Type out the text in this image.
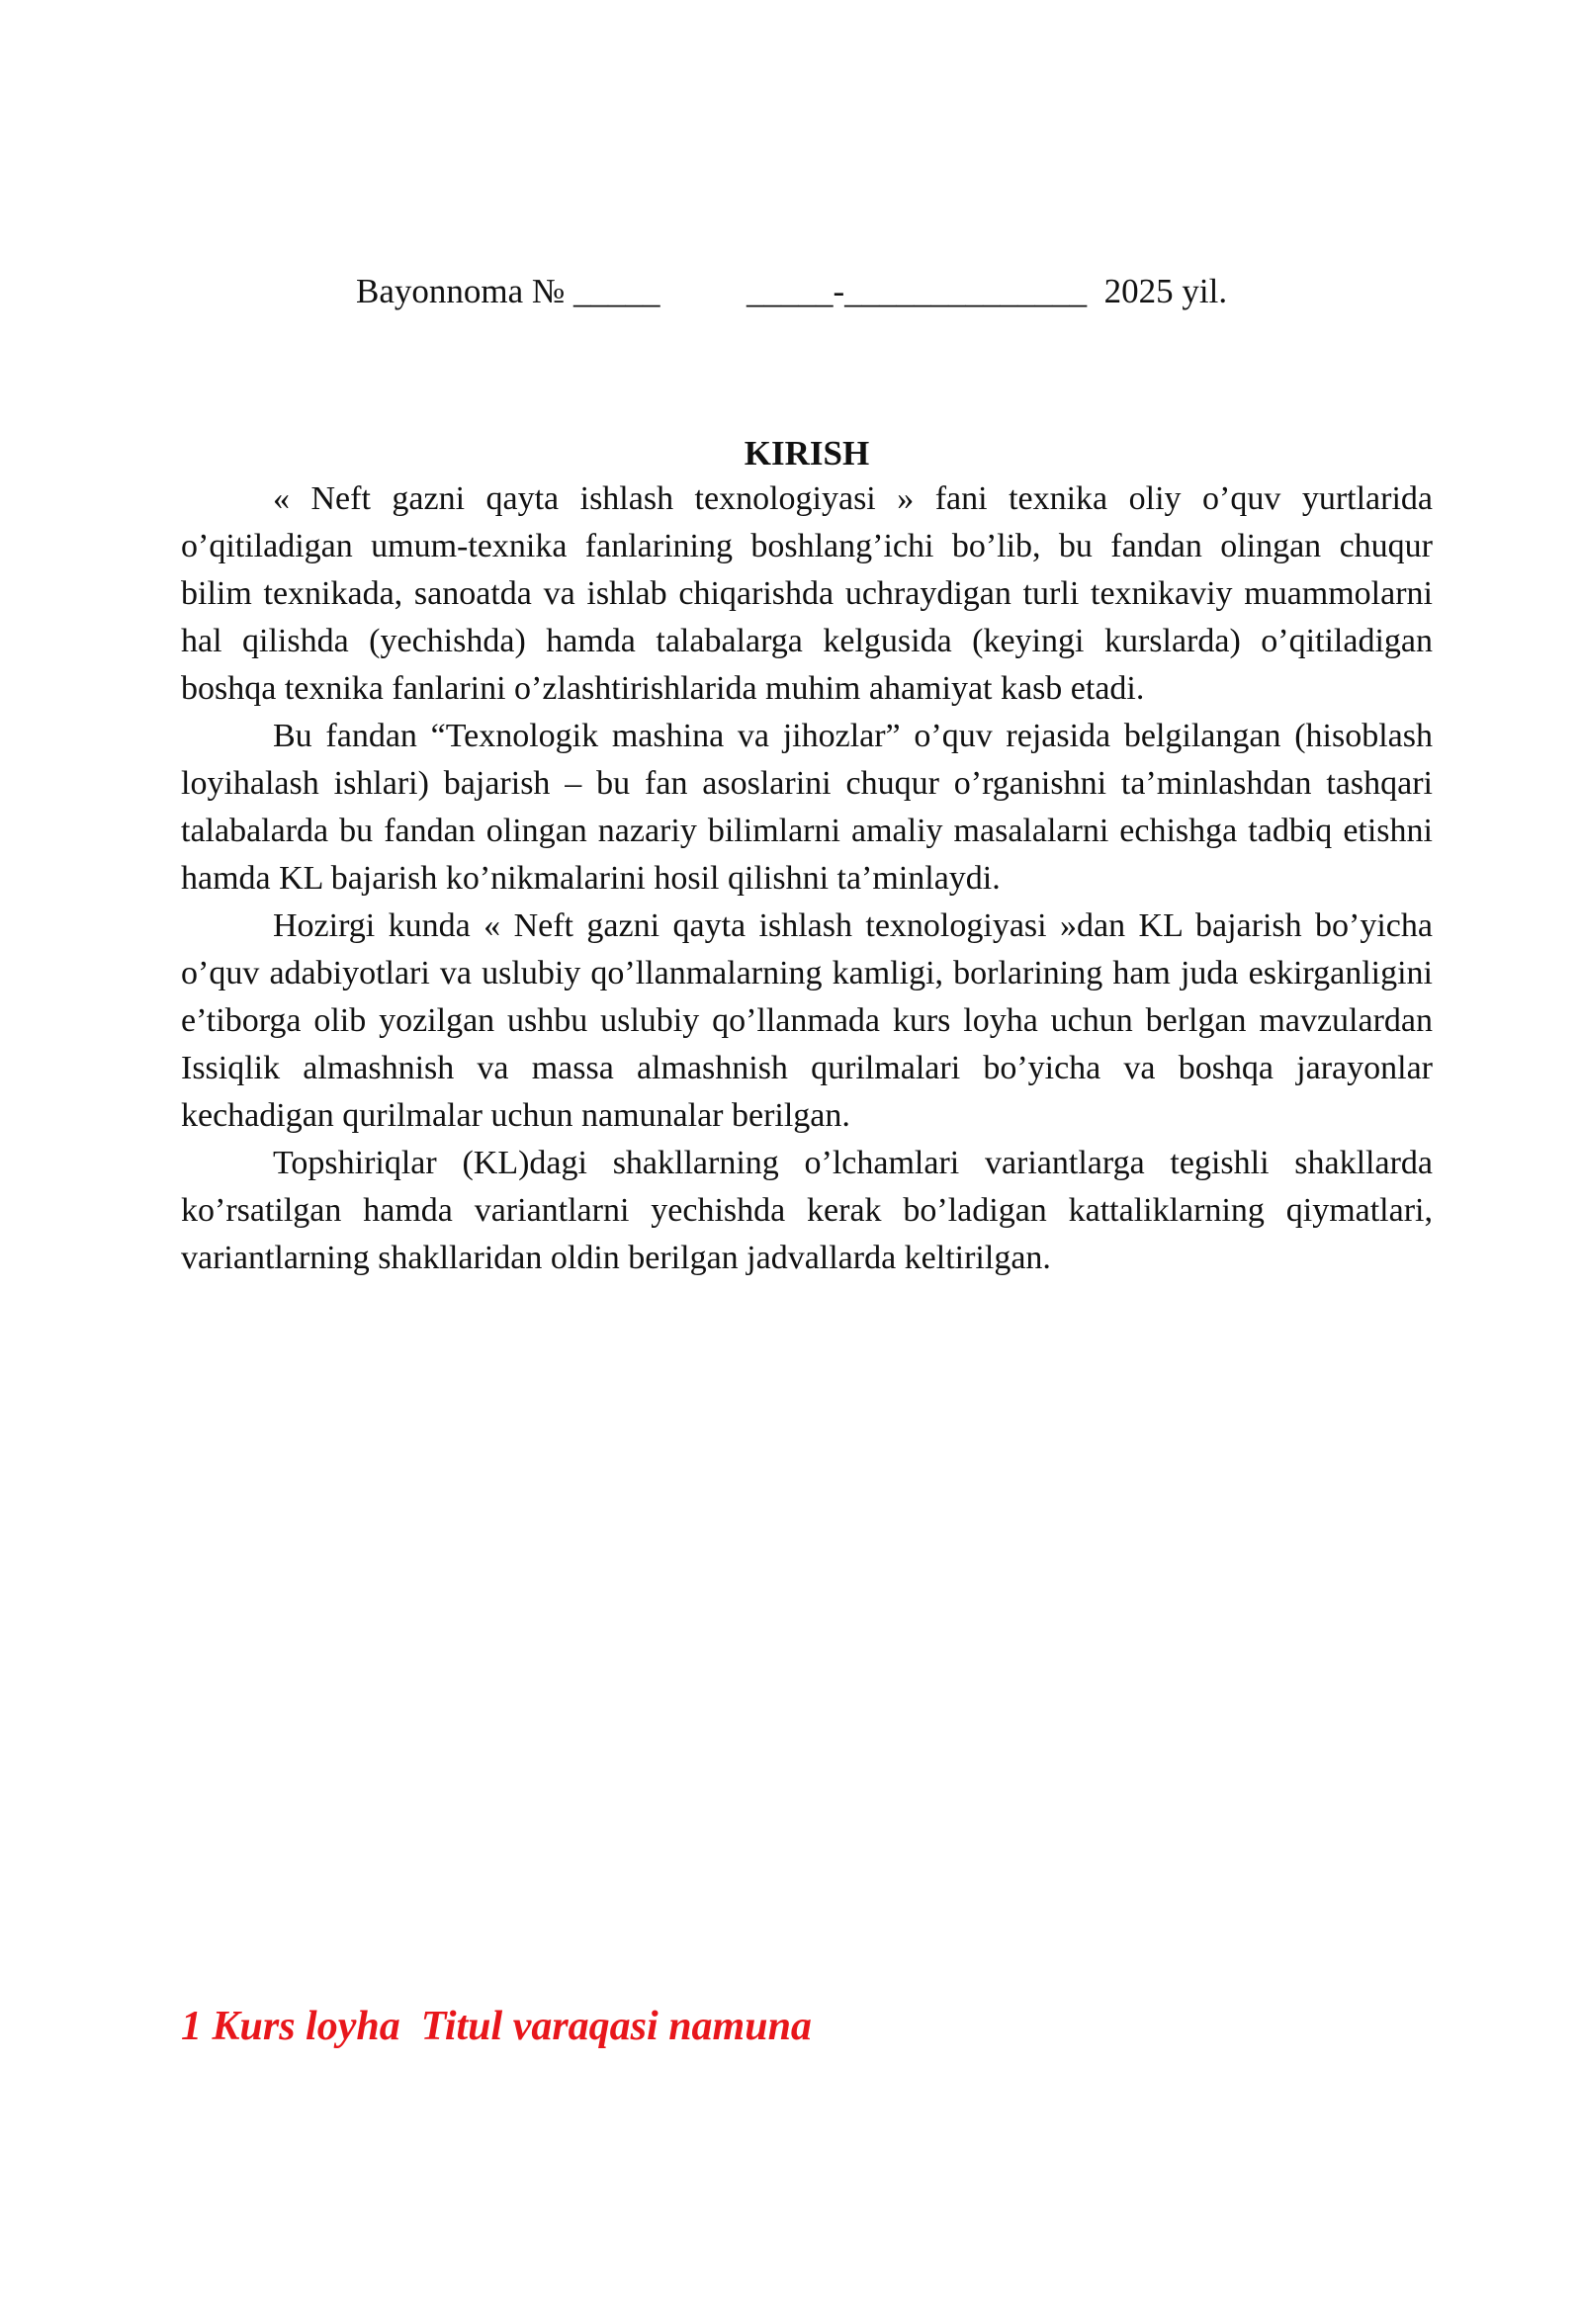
Bayonnoma № _____          _____-______________  2025 yil.

KIRISH

« Neft gazni qayta ishlash texnologiyasi » fani texnika oliy o’quv yurtlarida o’qitiladigan umum-texnika fanlarining boshlang’ichi bo’lib, bu fandan olingan chuqur bilim texnikada, sanoatda va ishlab chiqarishda uchraydigan turli texnikaviy muammolarni hal qilishda (yechishda) hamda talabalarga kelgusida (keyingi kurslarda) o’qitiladigan boshqa texnika fanlarini o’zlashtirishlarida muhim ahamiyat kasb etadi.

Bu fandan “Texnologik mashina va jihozlar” o’quv rejasida belgilangan (hisoblash loyihalash ishlari) bajarish – bu fan asoslarini chuqur o’rganishni ta’minlashdan tashqari talabalarda bu fandan olingan nazariy bilimlarni amaliy masalalarni echishga tadbiq etishni hamda KL bajarish ko’nikmalarini hosil qilishni ta’minlaydi.

Hozirgi kunda « Neft gazni qayta ishlash texnologiyasi »dan KL bajarish bo’yicha o’quv adabiyotlari va uslubiy qo’llanmalarning kamligi, borlarining ham juda eskirganligini e’tiborga olib yozilgan ushbu uslubiy qo’llanmada kurs loyha uchun berlgan mavzulardan Issiqlik almashnish va massa almashnish qurilmalari bo’yicha va boshqa jarayonlar kechadigan qurilmalar uchun namunalar berilgan.

Topshiriqlar (KL)dagi shakllarning o’lchamlari variantlarga tegishli shakllarda ko’rsatilgan hamda variantlarni yechishda kerak bo’ladigan kattaliklarning qiymatlari, variantlarning shakllaridan oldin berilgan jadvallarda keltirilgan.

1 Kurs loyha  Titul varaqasi namuna
